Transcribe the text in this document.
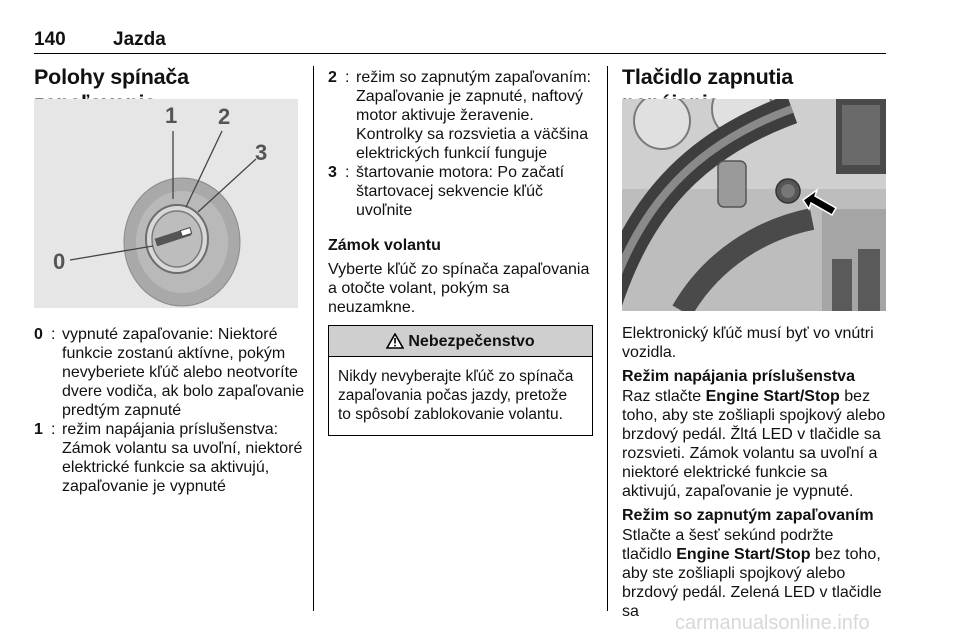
140 Jazda
Polohy spínača
1 2
3
0
0 : vypnuté zapaľovanie: Niektoré funkcie zostanú aktívne, pokým nevyberiete kľúč alebo neotvoríte dvere vodiča, ak bolo zapaľovanie predtým zapnuté
1 : režim napájania príslušenstva: Zámok volantu sa uvoľní, niektoré elektrické funkcie sa aktivujú, zapaľovanie je vypnuté
2 : režim so zapnutým zapaľovaním: Zapaľovanie je zapnuté, naftový motor aktivuje žeravenie. Kontrolky sa rozsvietia a väčšina elektrických funkcií funguje
3 : štartovanie motora: Po začatí štartovacej sekvencie kľúč uvoľnite
Zámok volantu

Vyberte kľúč zo spínača zapaľovania a otočte volant, pokým sa neuzamkne.

Nebezpečenstvo
Nikdy nevyberajte kľúč zo spínača zapaľovania počas jazdy, pretože to spôsobí zablokovanie volantu.
Tlačidlo zapnutia

Elektronický kľúč musí byť vo vnútri vozidla.

Režim napájania príslušenstva

Raz stlačte Engine Start/Stop bez toho, aby ste zošliapli spojkový alebo brzdový pedál. Žltá LED v tlačidle sa rozsvieti. Zámok volantu sa uvoľní a niektoré elektrické funkcie sa aktivujú, zapaľovanie je vypnuté.

Režim so zapnutým zapaľovaním

Stlačte a šesť sekúnd podržte tlačidlo Engine Start/Stop bez toho, aby ste zošliapli spojkový alebo brzdový pedál. Zelená LED v tlačidle sa

carmanualsonline.info
